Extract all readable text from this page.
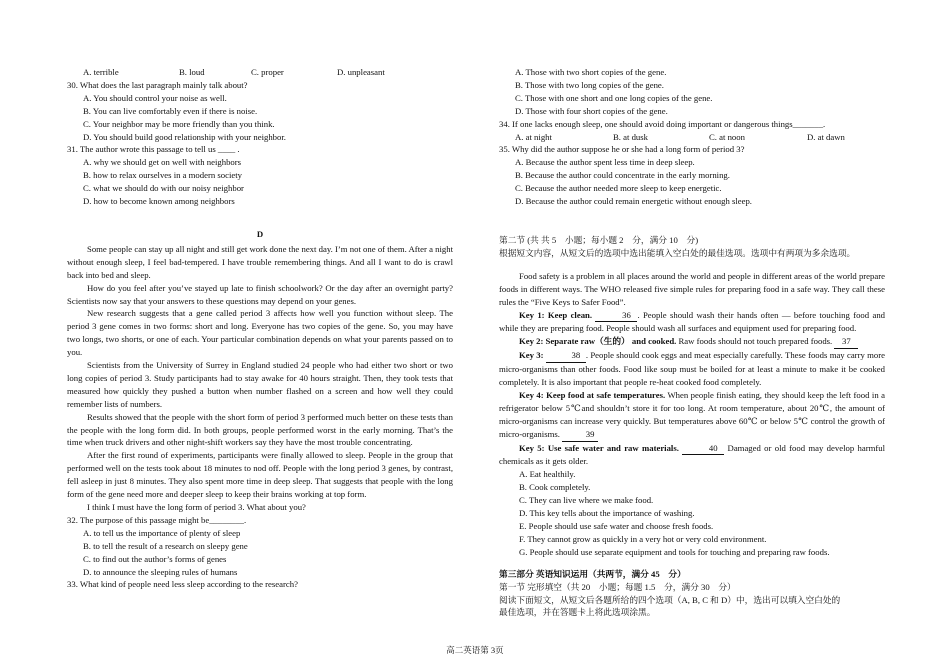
A. terrible	B. loud	C. proper	D. unpleasant
30. What does the last paragraph mainly talk about?
A. You should control your noise as well.
B. You can live comfortably even if there is noise.
C. Your neighbor may be more friendly than you think.
D. You should build good relationship with your neighbor.
31. The author wrote this passage to tell us ____ .
A. why we should get on well with neighbors
B. how to relax ourselves in a modern society
C. what we should do with our noisy neighbor
D. how to become known among neighbors
D
Some people can stay up all night and still get work done the next day. I’m not one of them. After a night without enough sleep, I feel bad-tempered. I have trouble remembering things. And all I want to do is crawl back into bed and sleep.
How do you feel after you’ve stayed up late to finish schoolwork? Or the day after an overnight party? Scientists now say that your answers to these questions may depend on your genes.
New research suggests that a gene called period 3 affects how well you function without sleep. The period 3 gene comes in two forms: short and long. Everyone has two copies of the gene. So, you may have two longs, two shorts, or one of each. Your particular combination depends on what your parents passed on to you.
Scientists from the University of Surrey in England studied 24 people who had either two short or two long copies of period 3. Study participants had to stay awake for 40 hours straight. Then, they took tests that measured how quickly they pushed a button when number flashed on a screen and how well they could remember lists of numbers.
Results showed that the people with the short form of period 3 performed much better on these tests than the people with the long form did. In both groups, people performed worst in the early morning. That’s the time when truck drivers and other night-shift workers say they have the most trouble concentrating.
After the first round of experiments, participants were finally allowed to sleep. People in the group that performed well on the tests took about 18 minutes to nod off. People with the long period 3 genes, by contrast, fell asleep in just 8 minutes. They also spent more time in deep sleep. That suggests that people with the long form of the gene need more and deeper sleep to keep their brains working at top form.
I think I must have the long form of period 3. What about you?
32. The purpose of this passage might be________.
A. to tell us the importance of plenty of sleep
B. to tell the result of a research on sleepy gene
C. to find out the author’s forms of genes
D. to announce the sleeping rules of humans
33. What kind of people need less sleep according to the research?
A. Those with two short copies of the gene.
B. Those with two long copies of the gene.
C. Those with one short and one long copies of the gene.
D. Those with four short copies of the gene.
34. If one lacks enough sleep, one should avoid doing important or dangerous things_______.
A. at night	B. at dusk	C. at noon	D. at dawn
35. Why did the author suppose he or she had a long form of period 3?
A. Because the author spent less time in deep sleep.
B. Because the author could concentrate in the early morning.
C. Because the author needed more sleep to keep energetic.
D. Because the author could remain energetic without enough sleep.
第二节 (共 共 5　小题；每小题 2　分，满分 10　分)
根据短文内容，从短文后的选项中选出能填入空白处的最佳选项。选项中有两项为多余选项。
Food safety is a problem in all places around the world and people in different areas of the world prepare foods in different ways. The WHO released five simple rules for preparing food in a safe way. They call these rules the “Five Keys to Safer Food”.
Key 1: Keep clean.	36 . People should wash their hands often — before touching food and while they are preparing food. People should wash all surfaces and equipment used for preparing food.
Key 2: Separate raw（生的） and cooked. Raw foods should not touch prepared foods. 37
Key 3:	38 . People should cook eggs and meat especially carefully. These foods may carry more micro-organisms than other foods. Food like soup must be boiled for at least a minute to make it be cooked completely. It is also important that people re-heat cooked food completely.
Key 4: Keep food at safe temperatures. When people finish eating, they should keep the left food in a refrigerator below 5℃and shouldn’t store it for too long. At room temperature, about 20℃, the amount of micro-organisms can increase very quickly. But temperatures above 60℃ or below 5℃ control the growth of micro-organisms.	39
Key 5: Use safe water and raw materials.	40 Damaged or old food may develop harmful chemicals as it gets older.
A. Eat healthily.
B. Cook completely.
C. They can live where we make food.
D. This key tells about the importance of washing.
E. People should use safe water and choose fresh foods.
F. They cannot grow as quickly in a very hot or very cold environment.
G. People should use separate equipment and tools for touching and preparing raw foods.
第三部分 英语知识运用（共两节，满分 45　分）
第一节 完形填空（共 20　小题；每题 1.5　分，满分 30　分）
阅读下面短文，从短文后各题所给的四个选项（A, B, C 和 D）中，选出可以填入空白处的
最佳选项，并在答题卡上将此选项涂黑。
高二英语第 3页
